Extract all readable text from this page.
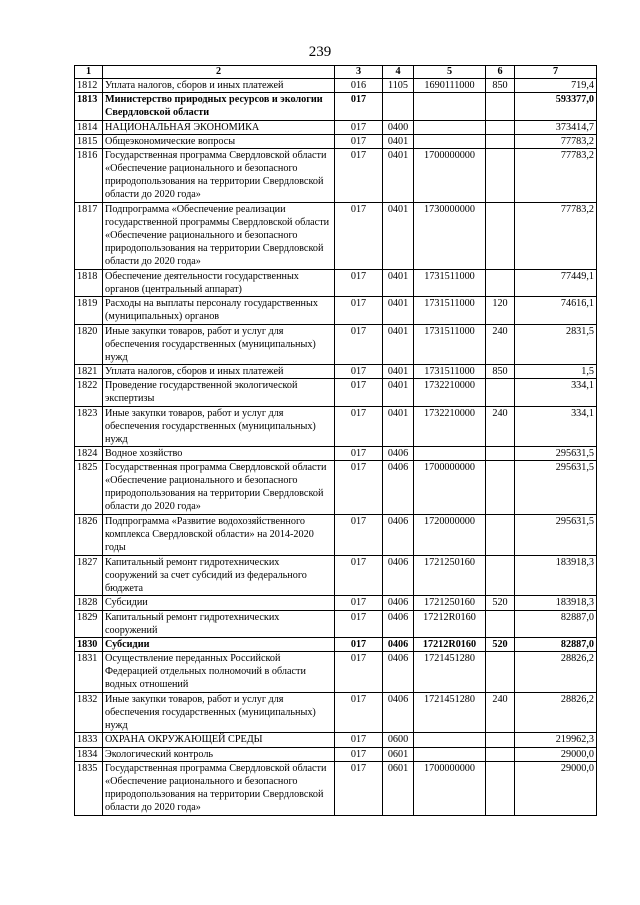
239
1	2	3	4	5	6	7
1812	Уплата налогов, сборов и иных платежей	016	1105	1690111000	850	719,4
1813	Министерство природных ресурсов и экологии Свердловской области	017				593377,0
1814	НАЦИОНАЛЬНАЯ ЭКОНОМИКА	017	0400			373414,7
1815	Общеэкономические вопросы	017	0401			77783,2
1816	Государственная программа Свердловской области «Обеспечение рационального и безопасного природопользования на территории Свердловской области до 2020 года»	017	0401	1700000000		77783,2
1817	Подпрограмма «Обеспечение реализации государственной программы Свердловской области «Обеспечение рационального и безопасного природопользования на территории Свердловской области до 2020 года»	017	0401	1730000000		77783,2
1818	Обеспечение деятельности государственных органов (центральный аппарат)	017	0401	1731511000		77449,1
1819	Расходы на выплаты персоналу государственных (муниципальных) органов	017	0401	1731511000	120	74616,1
1820	Иные закупки товаров, работ и услуг для обеспечения государственных (муниципальных) нужд	017	0401	1731511000	240	2831,5
1821	Уплата налогов, сборов и иных платежей	017	0401	1731511000	850	1,5
1822	Проведение государственной экологической экспертизы	017	0401	1732210000		334,1
1823	Иные закупки товаров, работ и услуг для обеспечения государственных (муниципальных) нужд	017	0401	1732210000	240	334,1
1824	Водное хозяйство	017	0406			295631,5
1825	Государственная программа Свердловской области «Обеспечение рационального и безопасного природопользования на территории Свердловской области до 2020 года»	017	0406	1700000000		295631,5
1826	Подпрограмма «Развитие водохозяйственного комплекса Свердловской области» на 2014-2020 годы	017	0406	1720000000		295631,5
1827	Капитальный ремонт гидротехнических сооружений за счет субсидий из федерального бюджета	017	0406	1721250160		183918,3
1828	Субсидии	017	0406	1721250160	520	183918,3
1829	Капитальный ремонт гидротехнических сооружений	017	0406	17212R0160		82887,0
1830	Субсидии	017	0406	17212R0160	520	82887,0
1831	Осуществление переданных Российской Федерацией отдельных полномочий в области водных отношений	017	0406	1721451280		28826,2
1832	Иные закупки товаров, работ и услуг для обеспечения государственных (муниципальных) нужд	017	0406	1721451280	240	28826,2
1833	ОХРАНА ОКРУЖАЮЩЕЙ СРЕДЫ	017	0600			219962,3
1834	Экологический контроль	017	0601			29000,0
1835	Государственная программа Свердловской области «Обеспечение рационального и безопасного природопользования на территории Свердловской области до 2020 года»	017	0601	1700000000		29000,0
